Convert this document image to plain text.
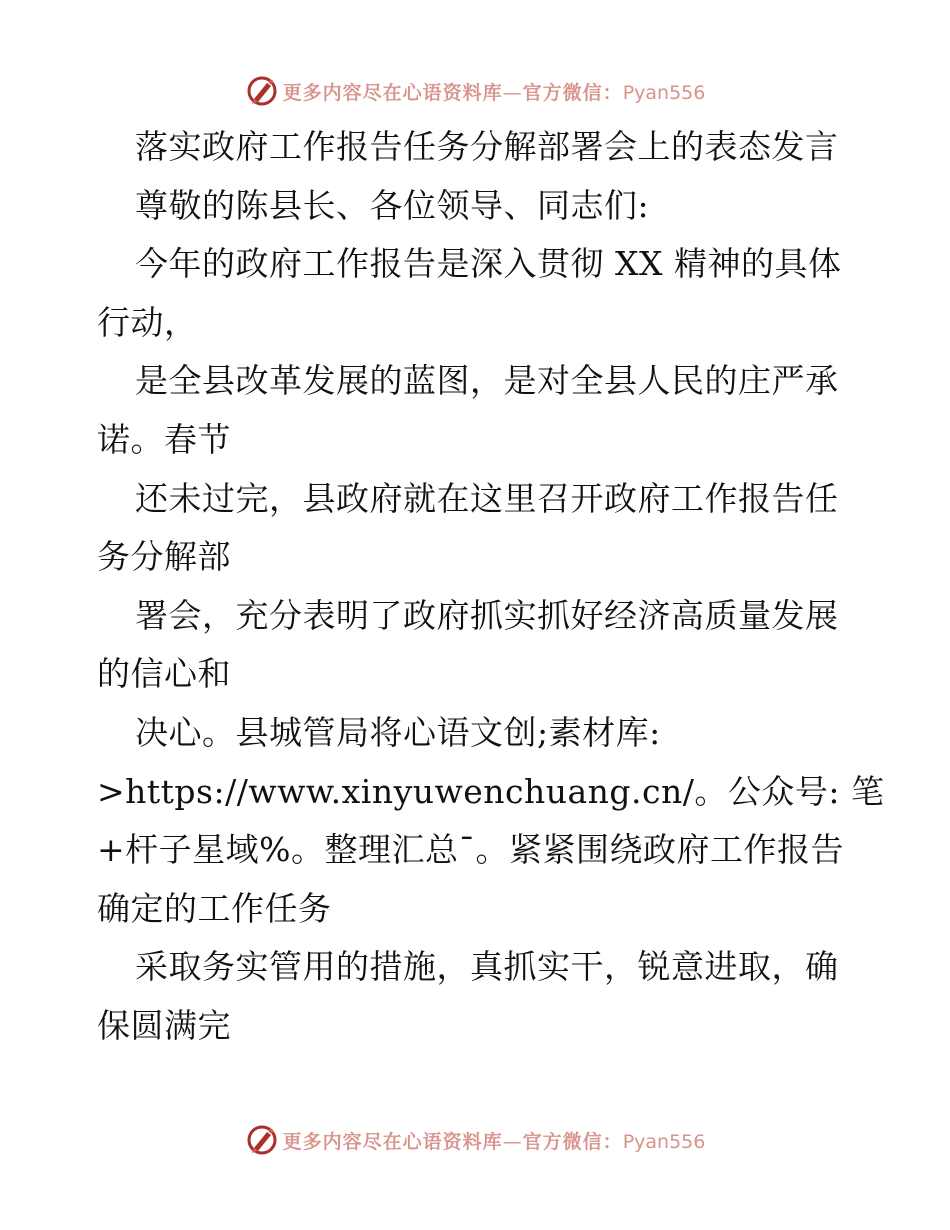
更多内容尽在心语资料库—官方微信：Pyan556
落实政府工作报告任务分解部署会上的表态发言
尊敬的陈县长、各位领导、同志们:
今年的政府工作报告是深入贯彻 XX 精神的具体
行动，
是全县改革发展的蓝图，是对全县人民的庄严承
诺。春节
还未过完，县政府就在这里召开政府工作报告任
务分解部
署会，充分表明了政府抓实抓好经济高质量发展
的信心和
决心。县城管局将心语文创;素材库:
>https://www.xinyuwenchuang.cn/。公众号: 笔
+杆子星域%。整理汇总¯。紧紧围绕政府工作报告
确定的工作任务
采取务实管用的措施，真抓实干，锐意进取，确
保圆满完
更多内容尽在心语资料库—官方微信：Pyan556
